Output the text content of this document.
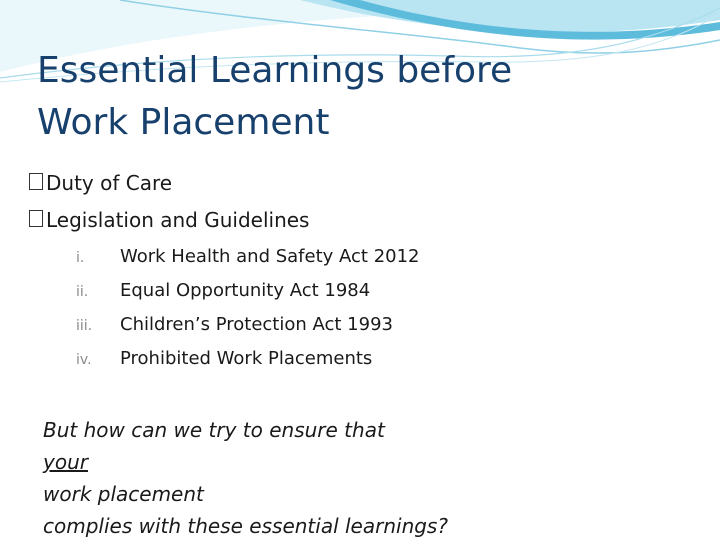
Essential Learnings before
Work Placement
Duty of Care
Legislation and Guidelines
i. Work Health and Safety Act 2012
ii. Equal Opportunity Act 1984
iii. Children’s Protection Act 1993
iv. Prohibited Work Placements

But how can we try to ensure that
your
work placement
complies with these essential learnings?
